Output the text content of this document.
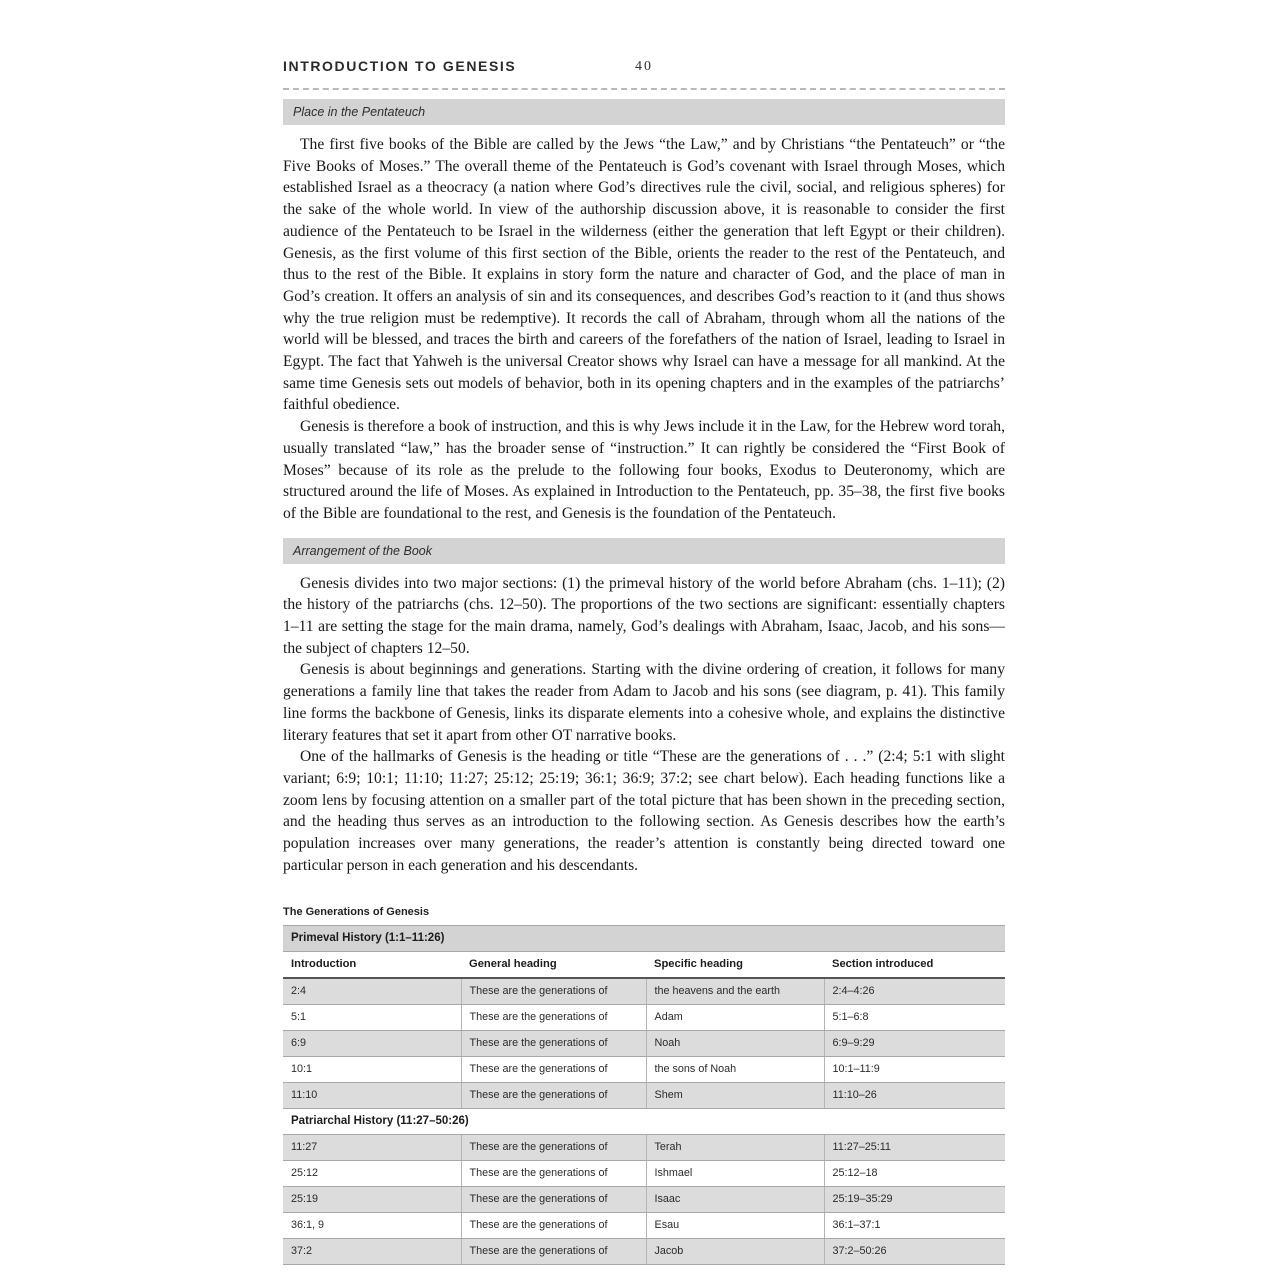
INTRODUCTION TO GENESIS	40
Place in the Pentateuch

The first five books of the Bible are called by the Jews “the Law,” and by Christians “the Pentateuch” or “the Five Books of Moses.” The overall theme of the Pentateuch is God’s covenant with Israel through Moses, which established Israel as a theocracy (a nation where God’s directives rule the civil, social, and religious spheres) for the sake of the whole world. In view of the authorship discussion above, it is reasonable to consider the first audience of the Pentateuch to be Israel in the wilderness (either the generation that left Egypt or their children). Genesis, as the first volume of this first section of the Bible, orients the reader to the rest of the Pentateuch, and thus to the rest of the Bible. It explains in story form the nature and character of God, and the place of man in God’s creation. It offers an analysis of sin and its consequences, and describes God’s reaction to it (and thus shows why the true religion must be redemptive). It records the call of Abraham, through whom all the nations of the world will be blessed, and traces the birth and careers of the forefathers of the nation of Israel, leading to Israel in Egypt. The fact that Yahweh is the universal Creator shows why Israel can have a message for all mankind. At the same time Genesis sets out models of behavior, both in its opening chapters and in the examples of the patriarchs’ faithful obedience.

Genesis is therefore a book of instruction, and this is why Jews include it in the Law, for the Hebrew word torah, usually translated “law,” has the broader sense of “instruction.” It can rightly be considered the “First Book of Moses” because of its role as the prelude to the following four books, Exodus to Deuteronomy, which are structured around the life of Moses. As explained in Introduction to the Pentateuch, pp. 35–38, the first five books of the Bible are foundational to the rest, and Genesis is the foundation of the Pentateuch.

Arrangement of the Book

Genesis divides into two major sections: (1) the primeval history of the world before Abraham (chs. 1–11); (2) the history of the patriarchs (chs. 12–50). The proportions of the two sections are significant: essentially chapters 1–11 are setting the stage for the main drama, namely, God’s dealings with Abraham, Isaac, Jacob, and his sons—the subject of chapters 12–50.

Genesis is about beginnings and generations. Starting with the divine ordering of creation, it follows for many generations a family line that takes the reader from Adam to Jacob and his sons (see diagram, p. 41). This family line forms the backbone of Genesis, links its disparate elements into a cohesive whole, and explains the distinctive literary features that set it apart from other OT narrative books.

One of the hallmarks of Genesis is the heading or title “These are the generations of . . .” (2:4; 5:1 with slight variant; 6:9; 10:1; 11:10; 11:27; 25:12; 25:19; 36:1; 36:9; 37:2; see chart below). Each heading functions like a zoom lens by focusing attention on a smaller part of the total picture that has been shown in the preceding section, and the heading thus serves as an introduction to the following section. As Genesis describes how the earth’s population increases over many generations, the reader’s attention is constantly being directed toward one particular person in each generation and his descendants.

The Generations of Genesis
Primeval History (1:1–11:26)			
Introduction	General heading	Specific heading	Section introduced
2:4	These are the generations of	the heavens and the earth	2:4–4:26
5:1	These are the generations of	Adam	5:1–6:8
6:9	These are the generations of	Noah	6:9–9:29
10:1	These are the generations of	the sons of Noah	10:1–11:9
11:10	These are the generations of	Shem	11:10–26
Patriarchal History (11:27–50:26)			
11:27	These are the generations of	Terah	11:27–25:11
25:12	These are the generations of	Ishmael	25:12–18
25:19	These are the generations of	Isaac	25:19–35:29
36:1, 9	These are the generations of	Esau	36:1–37:1
37:2	These are the generations of	Jacob	37:2–50:26
